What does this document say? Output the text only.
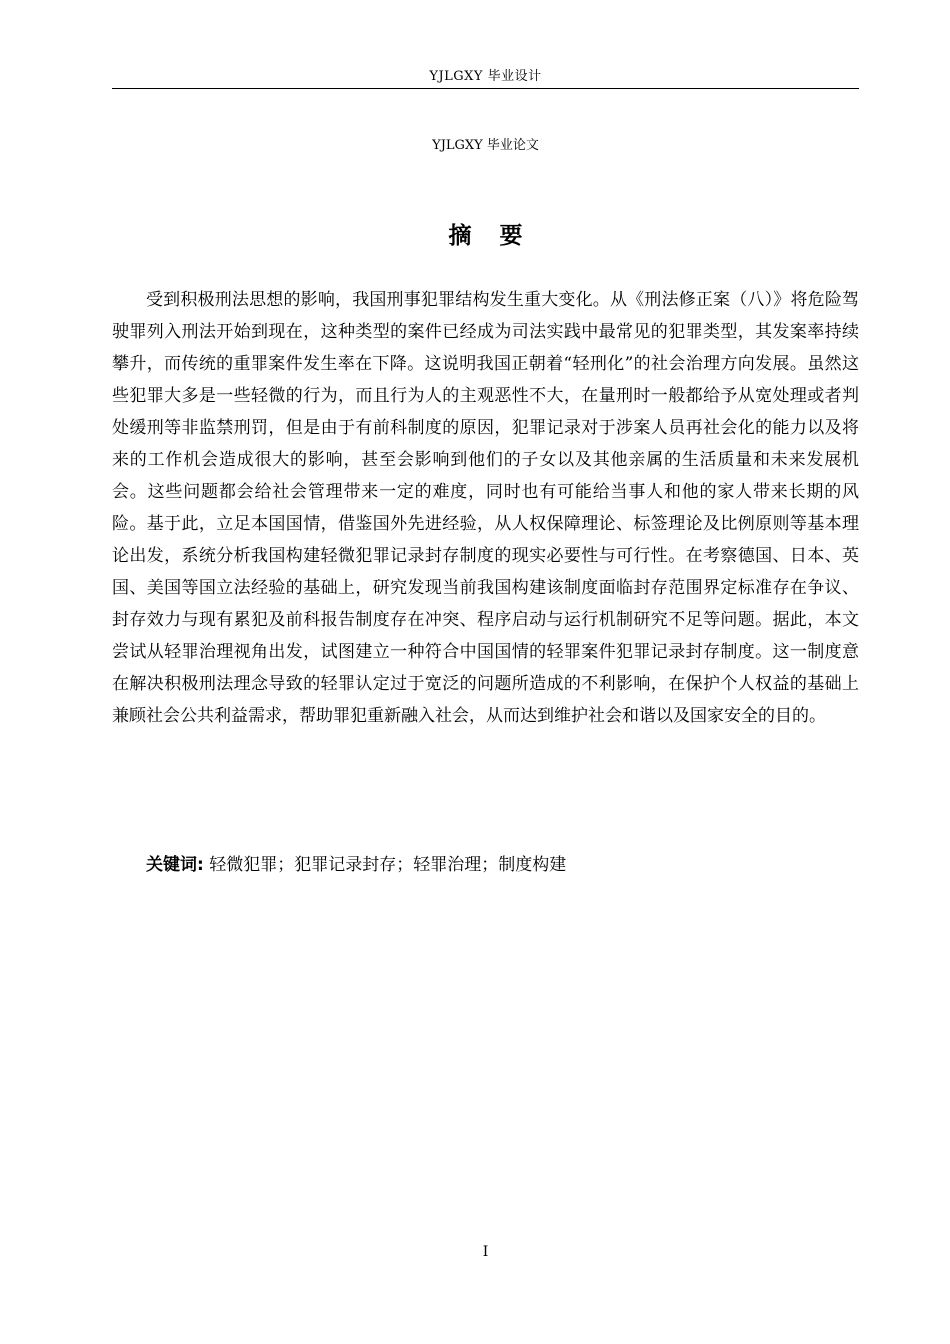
YJLGXY 毕业设计
YJLGXY 毕业论文
摘要

受到积极刑法思想的影响，我国刑事犯罪结构发生重大变化。从《刑法修正案（八）》将危险驾驶罪列入刑法开始到现在，这种类型的案件已经成为司法实践中最常见的犯罪类型，其发案率持续攀升，而传统的重罪案件发生率在下降。这说明我国正朝着“轻刑化”的社会治理方向发展。虽然这些犯罪大多是一些轻微的行为，而且行为人的主观恶性不大，在量刑时一般都给予从宽处理或者判处缓刑等非监禁刑罚，但是由于有前科制度的原因，犯罪记录对于涉案人员再社会化的能力以及将来的工作机会造成很大的影响，甚至会影响到他们的子女以及其他亲属的生活质量和未来发展机会。这些问题都会给社会管理带来一定的难度，同时也有可能给当事人和他的家人带来长期的风险。基于此，立足本国国情，借鉴国外先进经验，从人权保障理论、标签理论及比例原则等基本理论出发，系统分析我国构建轻微犯罪记录封存制度的现实必要性与可行性。在考察德国、日本、英国、美国等国立法经验的基础上，研究发现当前我国构建该制度面临封存范围界定标准存在争议、封存效力与现有累犯及前科报告制度存在冲突、程序启动与运行机制研究不足等问题。据此，本文尝试从轻罪治理视角出发，试图建立一种符合中国国情的轻罪案件犯罪记录封存制度。这一制度意在解决积极刑法理念导致的轻罪认定过于宽泛的问题所造成的不利影响，在保护个人权益的基础上兼顾社会公共利益需求，帮助罪犯重新融入社会，从而达到维护社会和谐以及国家安全的目的。

关键词: 轻微犯罪；犯罪记录封存；轻罪治理；制度构建
I
